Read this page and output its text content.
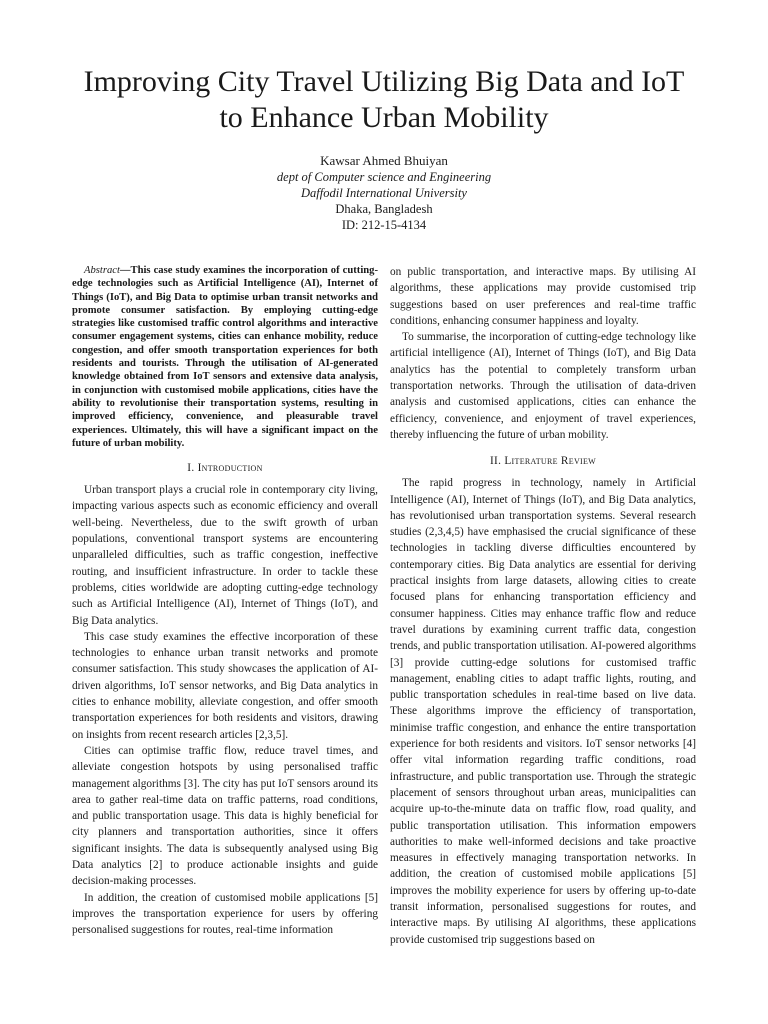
Improving City Travel Utilizing Big Data and IoT
to Enhance Urban Mobility
Kawsar Ahmed Bhuiyan
dept of Computer science and Engineering
Daffodil International University
Dhaka, Bangladesh
ID: 212-15-4134

Abstract—This case study examines the incorporation of cutting-edge technologies such as Artificial Intelligence (AI), Internet of Things (IoT), and Big Data to optimise urban transit networks and promote consumer satisfaction. By employing cutting-edge strategies like customised traffic control algorithms and interactive consumer engagement systems, cities can enhance mobility, reduce congestion, and offer smooth transportation experiences for both residents and tourists. Through the utilisation of AI-generated knowledge obtained from IoT sensors and extensive data analysis, in conjunction with customised mobile applications, cities have the ability to revolutionise their transportation systems, resulting in improved efficiency, convenience, and pleasurable travel experiences. Ultimately, this will have a significant impact on the future of urban mobility.

I. Introduction

Urban transport plays a crucial role in contemporary city living, impacting various aspects such as economic efficiency and overall well-being. Nevertheless, due to the swift growth of urban populations, conventional transport systems are encountering unparalleled difficulties, such as traffic congestion, ineffective routing, and insufficient infrastructure. In order to tackle these problems, cities worldwide are adopting cutting-edge technology such as Artificial Intelligence (AI), Internet of Things (IoT), and Big Data analytics.

This case study examines the effective incorporation of these technologies to enhance urban transit networks and promote consumer satisfaction. This study showcases the application of AI-driven algorithms, IoT sensor networks, and Big Data analytics in cities to enhance mobility, alleviate congestion, and offer smooth transportation experiences for both residents and visitors, drawing on insights from recent research articles [2,3,5].

Cities can optimise traffic flow, reduce travel times, and alleviate congestion hotspots by using personalised traffic management algorithms [3]. The city has put IoT sensors around its area to gather real-time data on traffic patterns, road conditions, and public transportation usage. This data is highly beneficial for city planners and transportation authorities, since it offers significant insights. The data is subsequently analysed using Big Data analytics [2] to produce actionable insights and guide decision-making processes.

In addition, the creation of customised mobile applications [5] improves the transportation experience for users by offering personalised suggestions for routes, real-time information

on public transportation, and interactive maps. By utilising AI algorithms, these applications may provide customised trip suggestions based on user preferences and real-time traffic conditions, enhancing consumer happiness and loyalty.

To summarise, the incorporation of cutting-edge technology like artificial intelligence (AI), Internet of Things (IoT), and Big Data analytics has the potential to completely transform urban transportation networks. Through the utilisation of data-driven analysis and customised applications, cities can enhance the efficiency, convenience, and enjoyment of travel experiences, thereby influencing the future of urban mobility.

II. Literature Review

The rapid progress in technology, namely in Artificial Intelligence (AI), Internet of Things (IoT), and Big Data analytics, has revolutionised urban transportation systems. Several research studies (2,3,4,5) have emphasised the crucial significance of these technologies in tackling diverse difficulties encountered by contemporary cities. Big Data analytics are essential for deriving practical insights from large datasets, allowing cities to create focused plans for enhancing transportation efficiency and consumer happiness. Cities may enhance traffic flow and reduce travel durations by examining current traffic data, congestion trends, and public transportation utilisation. AI-powered algorithms [3] provide cutting-edge solutions for customised traffic management, enabling cities to adapt traffic lights, routing, and public transportation schedules in real-time based on live data. These algorithms improve the efficiency of transportation, minimise traffic congestion, and enhance the entire transportation experience for both residents and visitors. IoT sensor networks [4] offer vital information regarding traffic conditions, road infrastructure, and public transportation use. Through the strategic placement of sensors throughout urban areas, municipalities can acquire up-to-the-minute data on traffic flow, road quality, and public transportation utilisation. This information empowers authorities to make well-informed decisions and take proactive measures in effectively managing transportation networks. In addition, the creation of customised mobile applications [5] improves the mobility experience for users by offering up-to-date transit information, personalised suggestions for routes, and interactive maps. By utilising AI algorithms, these applications provide customised trip suggestions based on
